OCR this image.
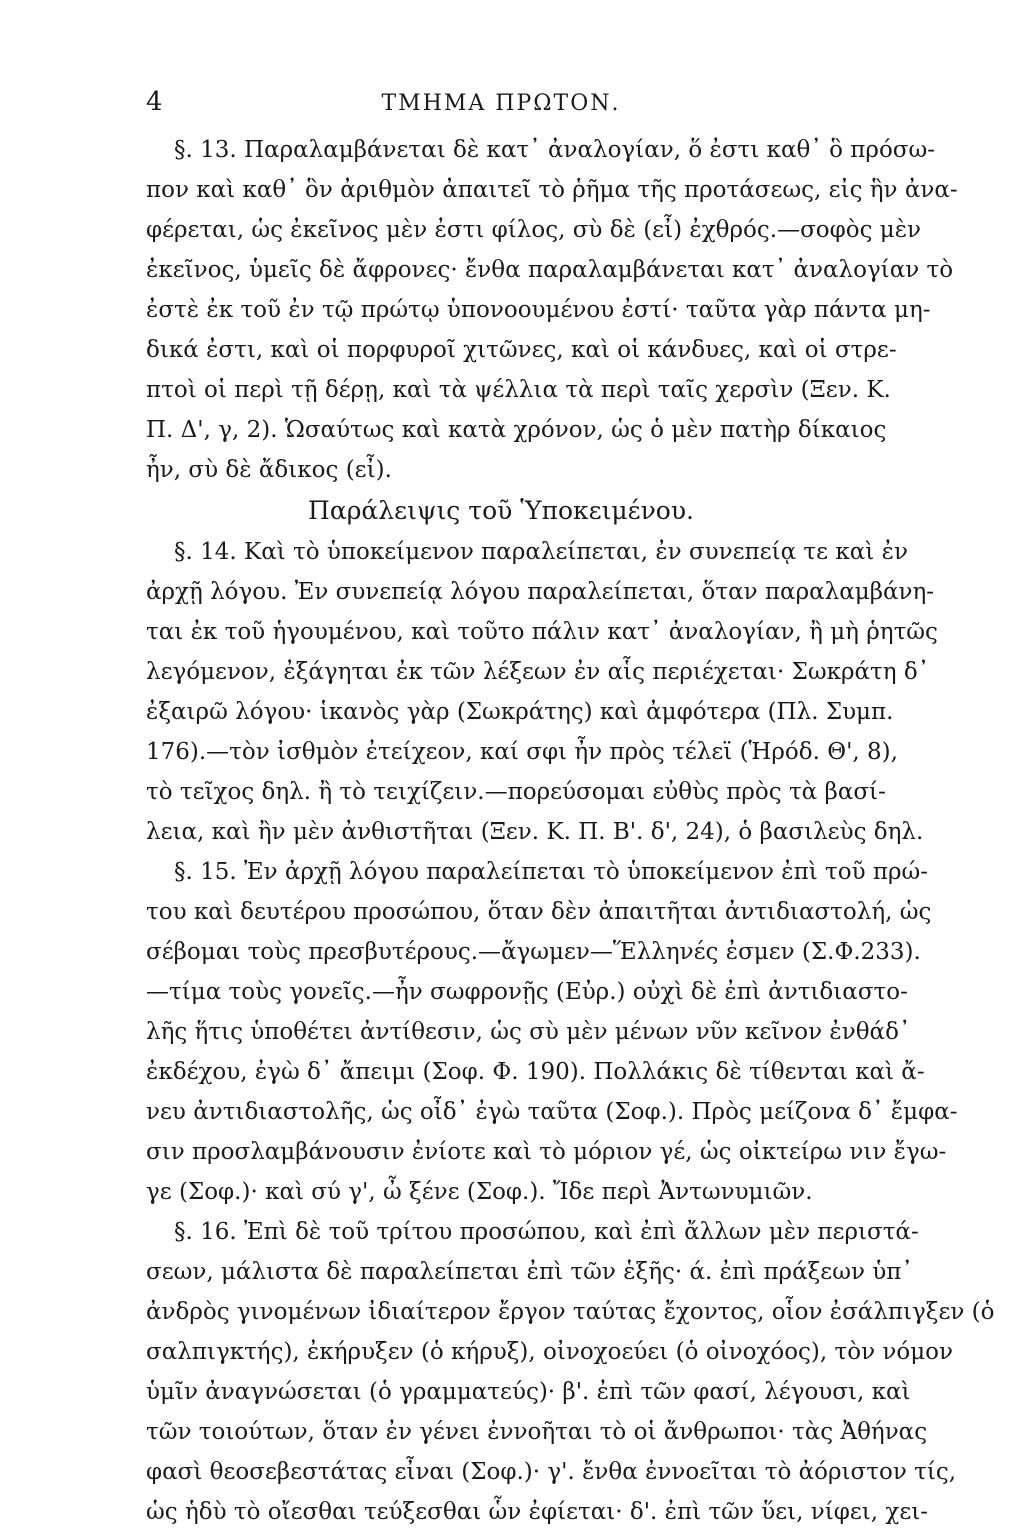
4	ΤΜΗΜΑ ΠΡΩΤΟΝ.
§. 13. Παραλαμβάνεται δὲ κατ᾽ ἀναλογίαν, ὅ ἐστι καθ᾽ ὃ πρόσω-
πον καὶ καθ᾽ ὃν ἀριθμὸν ἀπαιτεῖ τὸ ῥῆμα τῆς προτάσεως, εἰς ἣν ἀνα-
φέρεται, ὡς ἐκεῖνος μὲν ἐστι φίλος, σὺ δὲ (εἶ) ἐχθρός.—σοφὸς μὲν
ἐκεῖνος, ὑμεῖς δὲ ἄφρονες· ἔνθα παραλαμβάνεται κατ᾽ ἀναλογίαν τὸ
ἐστὲ ἐκ τοῦ ἐν τῷ πρώτῳ ὑπονοουμένου ἐστί· ταῦτα γὰρ πάντα μη-
δικά ἐστι, καὶ οἱ πορφυροῖ χιτῶνες, καὶ οἱ κάνδυες, καὶ οἱ στρε-
πτοὶ οἱ περὶ τῇ δέρῃ, καὶ τὰ ψέλλια τὰ περὶ ταῖς χερσὶν (Ξεν. Κ.
Π. Δ', γ, 2). Ὡσαύτως καὶ κατὰ χρόνον, ὡς ὁ μὲν πατὴρ δίκαιος
ἦν, σὺ δὲ ἄδικος (εἶ).
Παράλειψις τοῦ Ὑποκειμένου.
§. 14. Καὶ τὸ ὑποκείμενον παραλείπεται, ἐν συνεπείᾳ τε καὶ ἐν
ἀρχῇ λόγου. Ἐν συνεπείᾳ λόγου παραλείπεται, ὅταν παραλαμβάνη-
ται ἐκ τοῦ ἡγουμένου, καὶ τοῦτο πάλιν κατ᾽ ἀναλογίαν, ἢ μὴ ῥητῶς
λεγόμενον, ἐξάγηται ἐκ τῶν λέξεων ἐν αἷς περιέχεται· Σωκράτη δ᾽
ἐξαιρῶ λόγου· ἱκανὸς γὰρ (Σωκράτης) καὶ ἀμφότερα (Πλ. Συμπ.
176).—τὸν ἰσθμὸν ἐτείχεον, καί σφι ἦν πρὸς τέλεϊ (Ἡρόδ. Θ', 8),
τὸ τεῖχος δηλ. ἢ τὸ τειχίζειν.—πορεύσομαι εὐθὺς πρὸς τὰ βασί-
λεια, καὶ ἢν μὲν ἀνθιστῆται (Ξεν. Κ. Π. Β'. δ', 24), ὁ βασιλεὺς δηλ.
§. 15. Ἐν ἀρχῇ λόγου παραλείπεται τὸ ὑποκείμενον ἐπὶ τοῦ πρώ-
του καὶ δευτέρου προσώπου, ὅταν δὲν ἀπαιτῆται ἀντιδιαστολή, ὡς
σέβομαι τοὺς πρεσβυτέρους.—ἄγωμεν—Ἕλληνές ἐσμεν (Σ.Φ.233).
—τίμα τοὺς γονεῖς.—ἦν σωφρονῇς (Εὐρ.) οὐχὶ δὲ ἐπὶ ἀντιδιαστο-
λῆς ἥτις ὑποθέτει ἀντίθεσιν, ὡς σὺ μὲν μένων νῦν κεῖνον ἐνθάδ᾽
ἐκδέχου, ἐγὼ δ᾽ ἄπειμι (Σοφ. Φ. 190). Πολλάκις δὲ τίθενται καὶ ἄ-
νευ ἀντιδιαστολῆς, ὡς οἶδ᾽ ἐγὼ ταῦτα (Σοφ.). Πρὸς μείζονα δ᾽ ἔμφα-
σιν προσλαμβάνουσιν ἐνίοτε καὶ τὸ μόριον γέ, ὡς οἰκτείρω νιν ἔγω-
γε (Σοφ.)· καὶ σύ γ', ὦ ξένε (Σοφ.). Ἴδε περὶ Ἀντωνυμιῶν.
§. 16. Ἐπὶ δὲ τοῦ τρίτου προσώπου, καὶ ἐπὶ ἄλλων μὲν περιστά-
σεων, μάλιστα δὲ παραλείπεται ἐπὶ τῶν ἑξῆς· ά. ἐπὶ πράξεων ὑπ᾽
ἀνδρὸς γινομένων ἰδιαίτερον ἔργον ταύτας ἔχοντος, οἷον ἐσάλπιγξεν (ὁ
σαλπιγκτής), ἐκήρυξεν (ὁ κήρυξ), οἰνοχοεύει (ὁ οἰνοχόος), τὸν νόμον
ὑμῖν ἀναγνώσεται (ὁ γραμματεύς)· β'. ἐπὶ τῶν φασί, λέγουσι, καὶ
τῶν τοιούτων, ὅταν ἐν γένει ἐννοῆται τὸ οἱ ἄνθρωποι· τὰς Ἀθήνας
φασὶ θεοσεβεστάτας εἶναι (Σοφ.)· γ'. ἔνθα ἐννοεῖται τὸ ἀόριστον τίς,
ὡς ἡδὺ τὸ οἴεσθαι τεύξεσθαι ὧν ἐφίεται· δ'. ἐπὶ τῶν ὕει, νίφει, χει-
